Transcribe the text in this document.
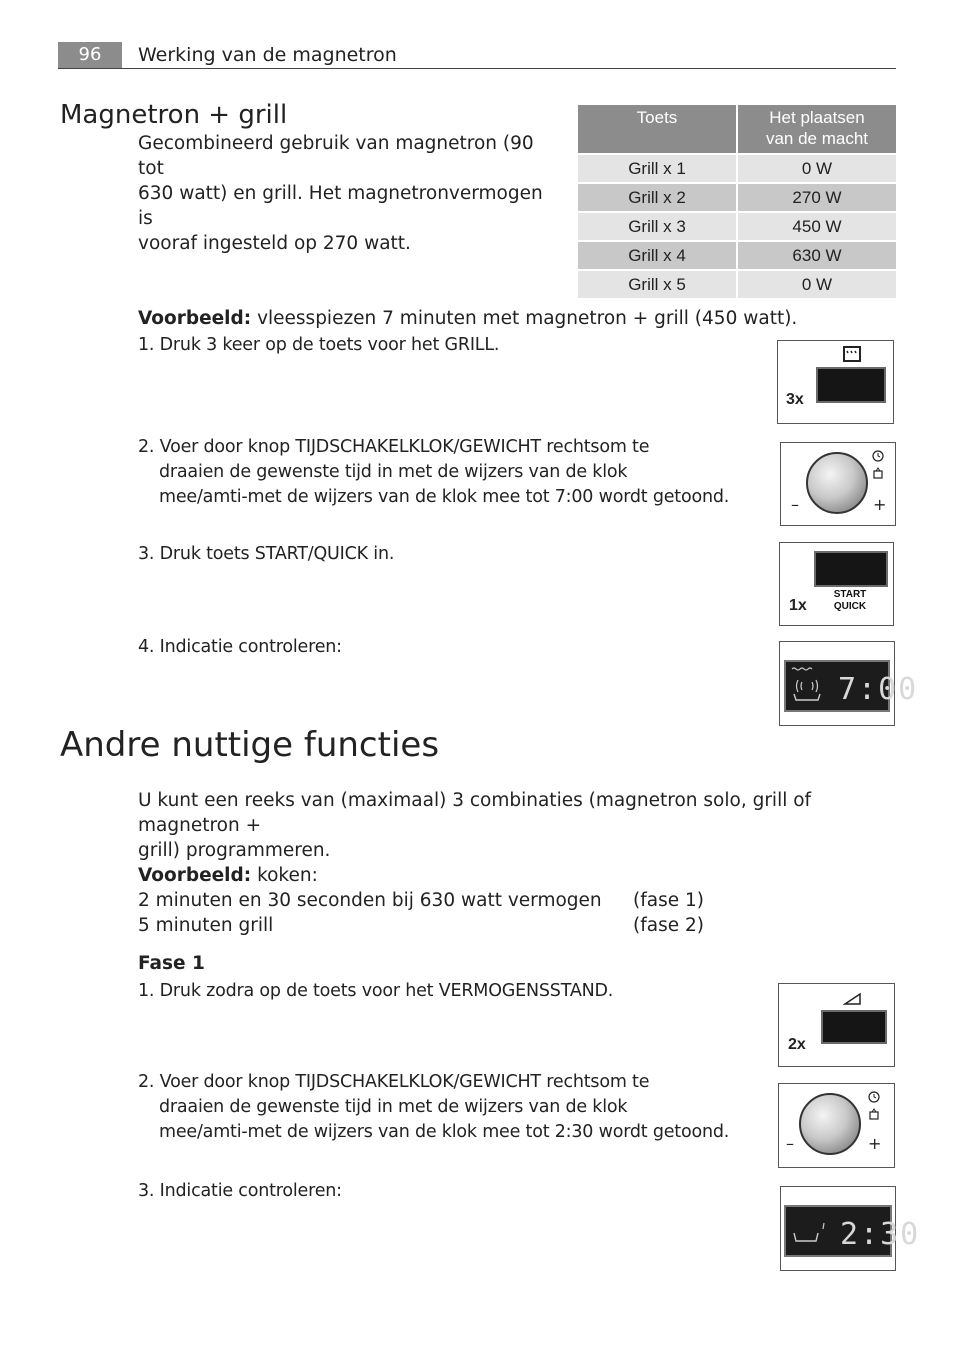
96	Werking van de magnetron
Magnetron + grill
Gecombineerd gebruik van magnetron (90 tot
630 watt) en grill. Het magnetronvermogen is
vooraf ingesteld op 270 watt.
Toets	Het plaatsen
van de macht

Grill x 1	0 W
Grill x 2	270 W
Grill x 3	450 W
Grill x 4	630 W
Grill x 5	0 W
Voorbeeld: vleesspiezen 7 minuten met magnetron + grill (450 watt).
1. Druk 3 keer op de toets voor het GRILL.
3x
2. Voer door knop TIJDSCHAKELKLOK/GEWICHT rechtsom te
draaien de gewenste tijd in met de wijzers van de klok
mee/amti-met de wijzers van de klok mee tot 7:00 wordt getoond.	–	+
3. Druk toets START/QUICK in.
1x
START
QUICK
4. Indicatie controleren:
7:00
Andre nuttige functies
U kunt een reeks van (maximaal) 3 combinaties (magnetron solo, grill of magnetron +
grill) programmeren.
Voorbeeld: koken:
2 minuten en 30 seconden bij 630 watt vermogen (fase 1)
5 minuten grill	(fase 2)
Fase 1
1. Druk zodra op de toets voor het VERMOGENSSTAND.
2x
2. Voer door knop TIJDSCHAKELKLOK/GEWICHT rechtsom te
draaien de gewenste tijd in met de wijzers van de klok
mee/amti-met de wijzers van de klok mee tot 2:30 wordt getoond.
–	+
3. Indicatie controleren:
2:30
